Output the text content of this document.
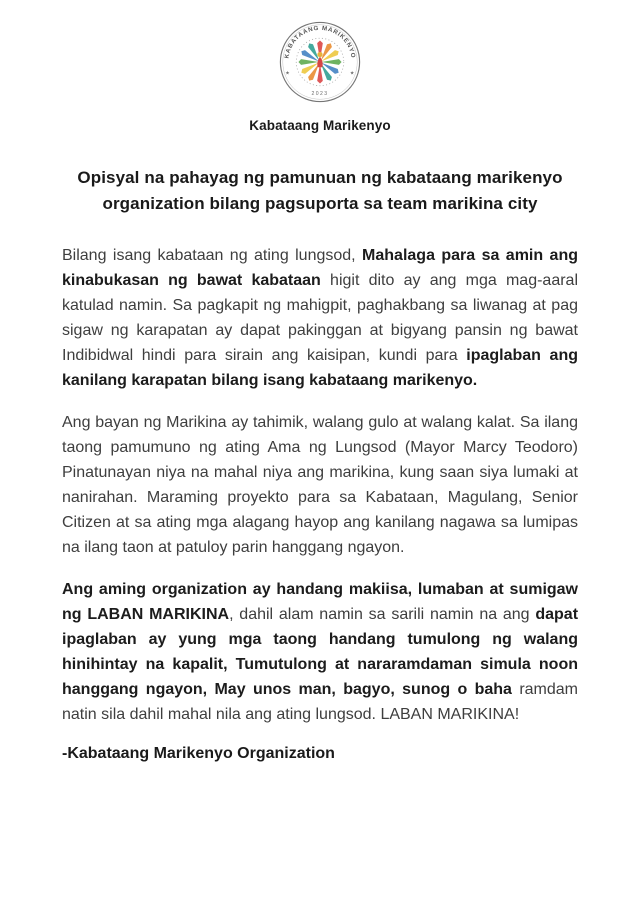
KABATAANG MARIKENYO
★	★
2023
Kabataang Marikenyo
Opisyal na pahayag ng pamunuan ng kabataang marikenyo organization bilang pagsuporta sa team marikina city

Bilang isang kabataan ng ating lungsod, Mahalaga para sa amin ang kinabukasan ng bawat kabataan higit dito ay ang mga mag-aaral katulad namin. Sa pagkapit ng mahigpit, paghakbang sa liwanag at pag sigaw ng karapatan ay dapat pakinggan at bigyang pansin ng bawat Indibidwal hindi para sirain ang kaisipan, kundi para ipaglaban ang kanilang karapatan bilang isang kabataang marikenyo.

Ang bayan ng Marikina ay tahimik, walang gulo at walang kalat. Sa ilang taong pamumuno ng ating Ama ng Lungsod (Mayor Marcy Teodoro) Pinatunayan niya na mahal niya ang marikina, kung saan siya lumaki at nanirahan. Maraming proyekto para sa Kabataan, Magulang, Senior Citizen at sa ating mga alagang hayop ang kanilang nagawa sa lumipas na ilang taon at patuloy parin hanggang ngayon.

Ang aming organization ay handang makiisa, lumaban at sumigaw ng LABAN MARIKINA, dahil alam namin sa sarili namin na ang dapat ipaglaban ay yung mga taong handang tumulong ng walang hinihintay na kapalit, Tumutulong at nararamdaman simula noon hanggang ngayon, May unos man, bagyo, sunog o baha ramdam natin sila dahil mahal nila ang ating lungsod. LABAN MARIKINA!

-Kabataang Marikenyo Organization
